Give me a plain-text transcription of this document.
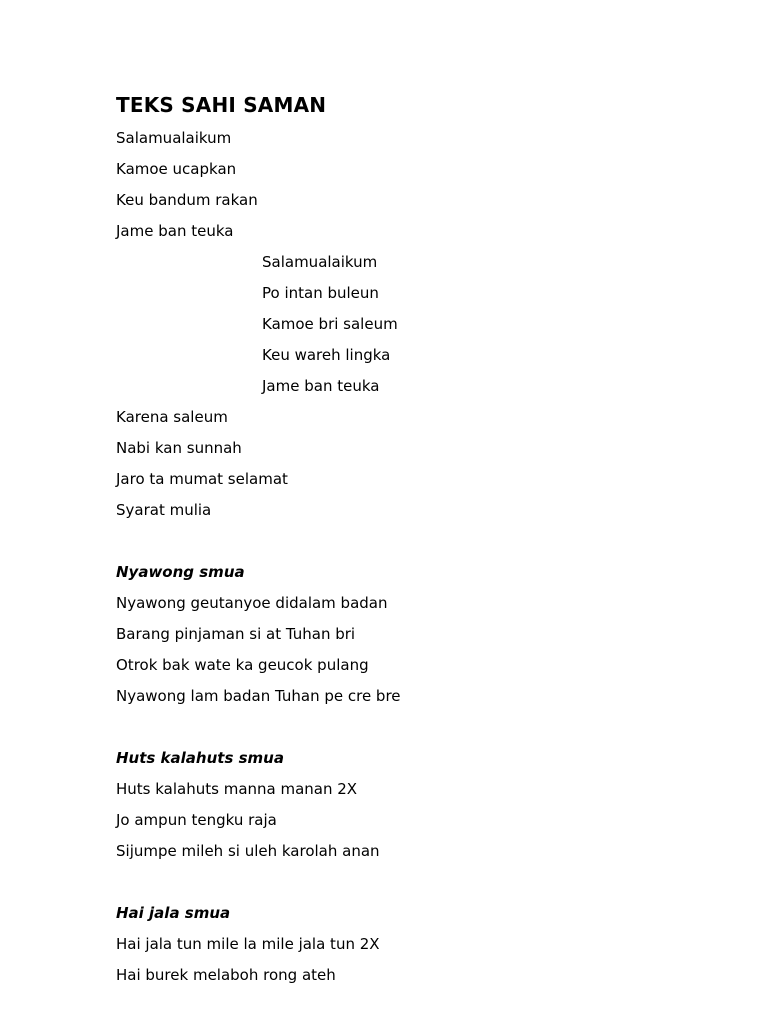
TEKS SAHI SAMAN
Salamualaikum
Kamoe ucapkan
Keu bandum rakan
Jame ban teuka
Salamualaikum
Po intan buleun
Kamoe bri saleum
Keu wareh lingka
Jame ban teuka
Karena saleum
Nabi kan sunnah
Jaro ta mumat selamat
Syarat mulia
Nyawong smua
Nyawong geutanyoe didalam badan
Barang pinjaman si at Tuhan bri
Otrok bak wate ka geucok pulang
Nyawong lam badan Tuhan pe cre bre
Huts kalahuts smua
Huts kalahuts manna manan 2X
Jo ampun tengku raja
Sijumpe mileh si uleh karolah anan
Hai jala smua
Hai jala tun mile la mile jala tun 2X
Hai burek melaboh rong ateh
